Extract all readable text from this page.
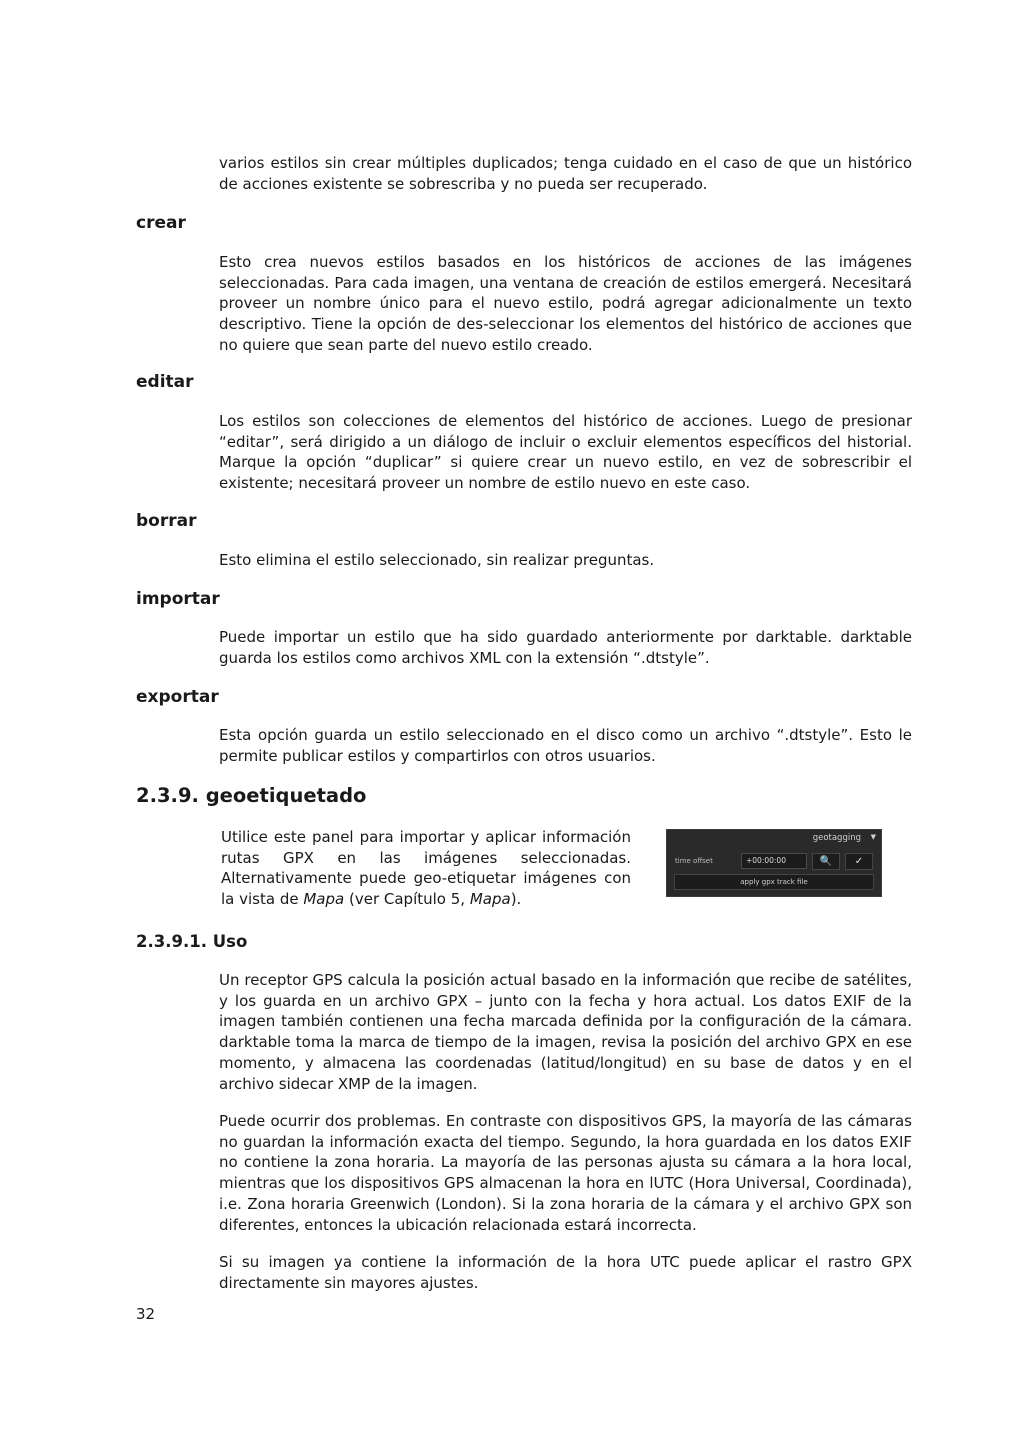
varios estilos sin crear múltiples duplicados; tenga cuidado en el caso de que un histórico de acciones existente se sobrescriba y no pueda ser recuperado.

crear

Esto crea nuevos estilos basados en los históricos de acciones de las imágenes seleccionadas. Para cada imagen, una ventana de creación de estilos emergerá. Necesitará proveer un nombre único para el nuevo estilo, podrá agregar adicionalmente un texto descriptivo. Tiene la opción de des-seleccionar los elementos del histórico de acciones que no quiere que sean parte del nuevo estilo creado.

editar

Los estilos son colecciones de elementos del histórico de acciones. Luego de presionar “editar”, será dirigido a un diálogo de incluir o excluir elementos específicos del historial. Marque la opción “duplicar” si quiere crear un nuevo estilo, en vez de sobrescribir el existente; necesitará proveer un nombre de estilo nuevo en este caso.

borrar

Esto elimina el estilo seleccionado, sin realizar preguntas.

importar

Puede importar un estilo que ha sido guardado anteriormente por darktable. darktable guarda los estilos como archivos XML con la extensión “.dtstyle”.

exportar

Esta opción guarda un estilo seleccionado en el disco como un archivo “.dtstyle”. Esto le permite publicar estilos y compartirlos con otros usuarios.

2.3.9. geoetiquetado

Utilice este panel para importar y aplicar información rutas GPX en las imágenes seleccionadas. Alternativamente puede geo-etiquetar imágenes con la vista de Mapa (ver Capítulo 5, Mapa).

geotagging ▼
time offset	+00:00:00	🔍	✓
apply gpx track file
2.3.9.1. Uso

Un receptor GPS calcula la posición actual basado en la información que recibe de satélites, y los guarda en un archivo GPX – junto con la fecha y hora actual. Los datos EXIF de la imagen también contienen una fecha marcada definida por la configuración de la cámara. darktable toma la marca de tiempo de la imagen, revisa la posición del archivo GPX en ese momento, y almacena las coordenadas (latitud/longitud) en su base de datos y en el archivo sidecar XMP de la imagen.

Puede ocurrir dos problemas. En contraste con dispositivos GPS, la mayoría de las cámaras no guardan la información exacta del tiempo. Segundo, la hora guardada en los datos EXIF no contiene la zona horaria. La mayoría de las personas ajusta su cámara a la hora local, mientras que los dispositivos GPS almacenan la hora en lUTC (Hora Universal, Coordinada), i.e. Zona horaria Greenwich (London). Si la zona horaria de la cámara y el archivo GPX son diferentes, entonces la ubicación relacionada estará incorrecta.

Si su imagen ya contiene la información de la hora UTC puede aplicar el rastro GPX directamente sin mayores ajustes.

32
